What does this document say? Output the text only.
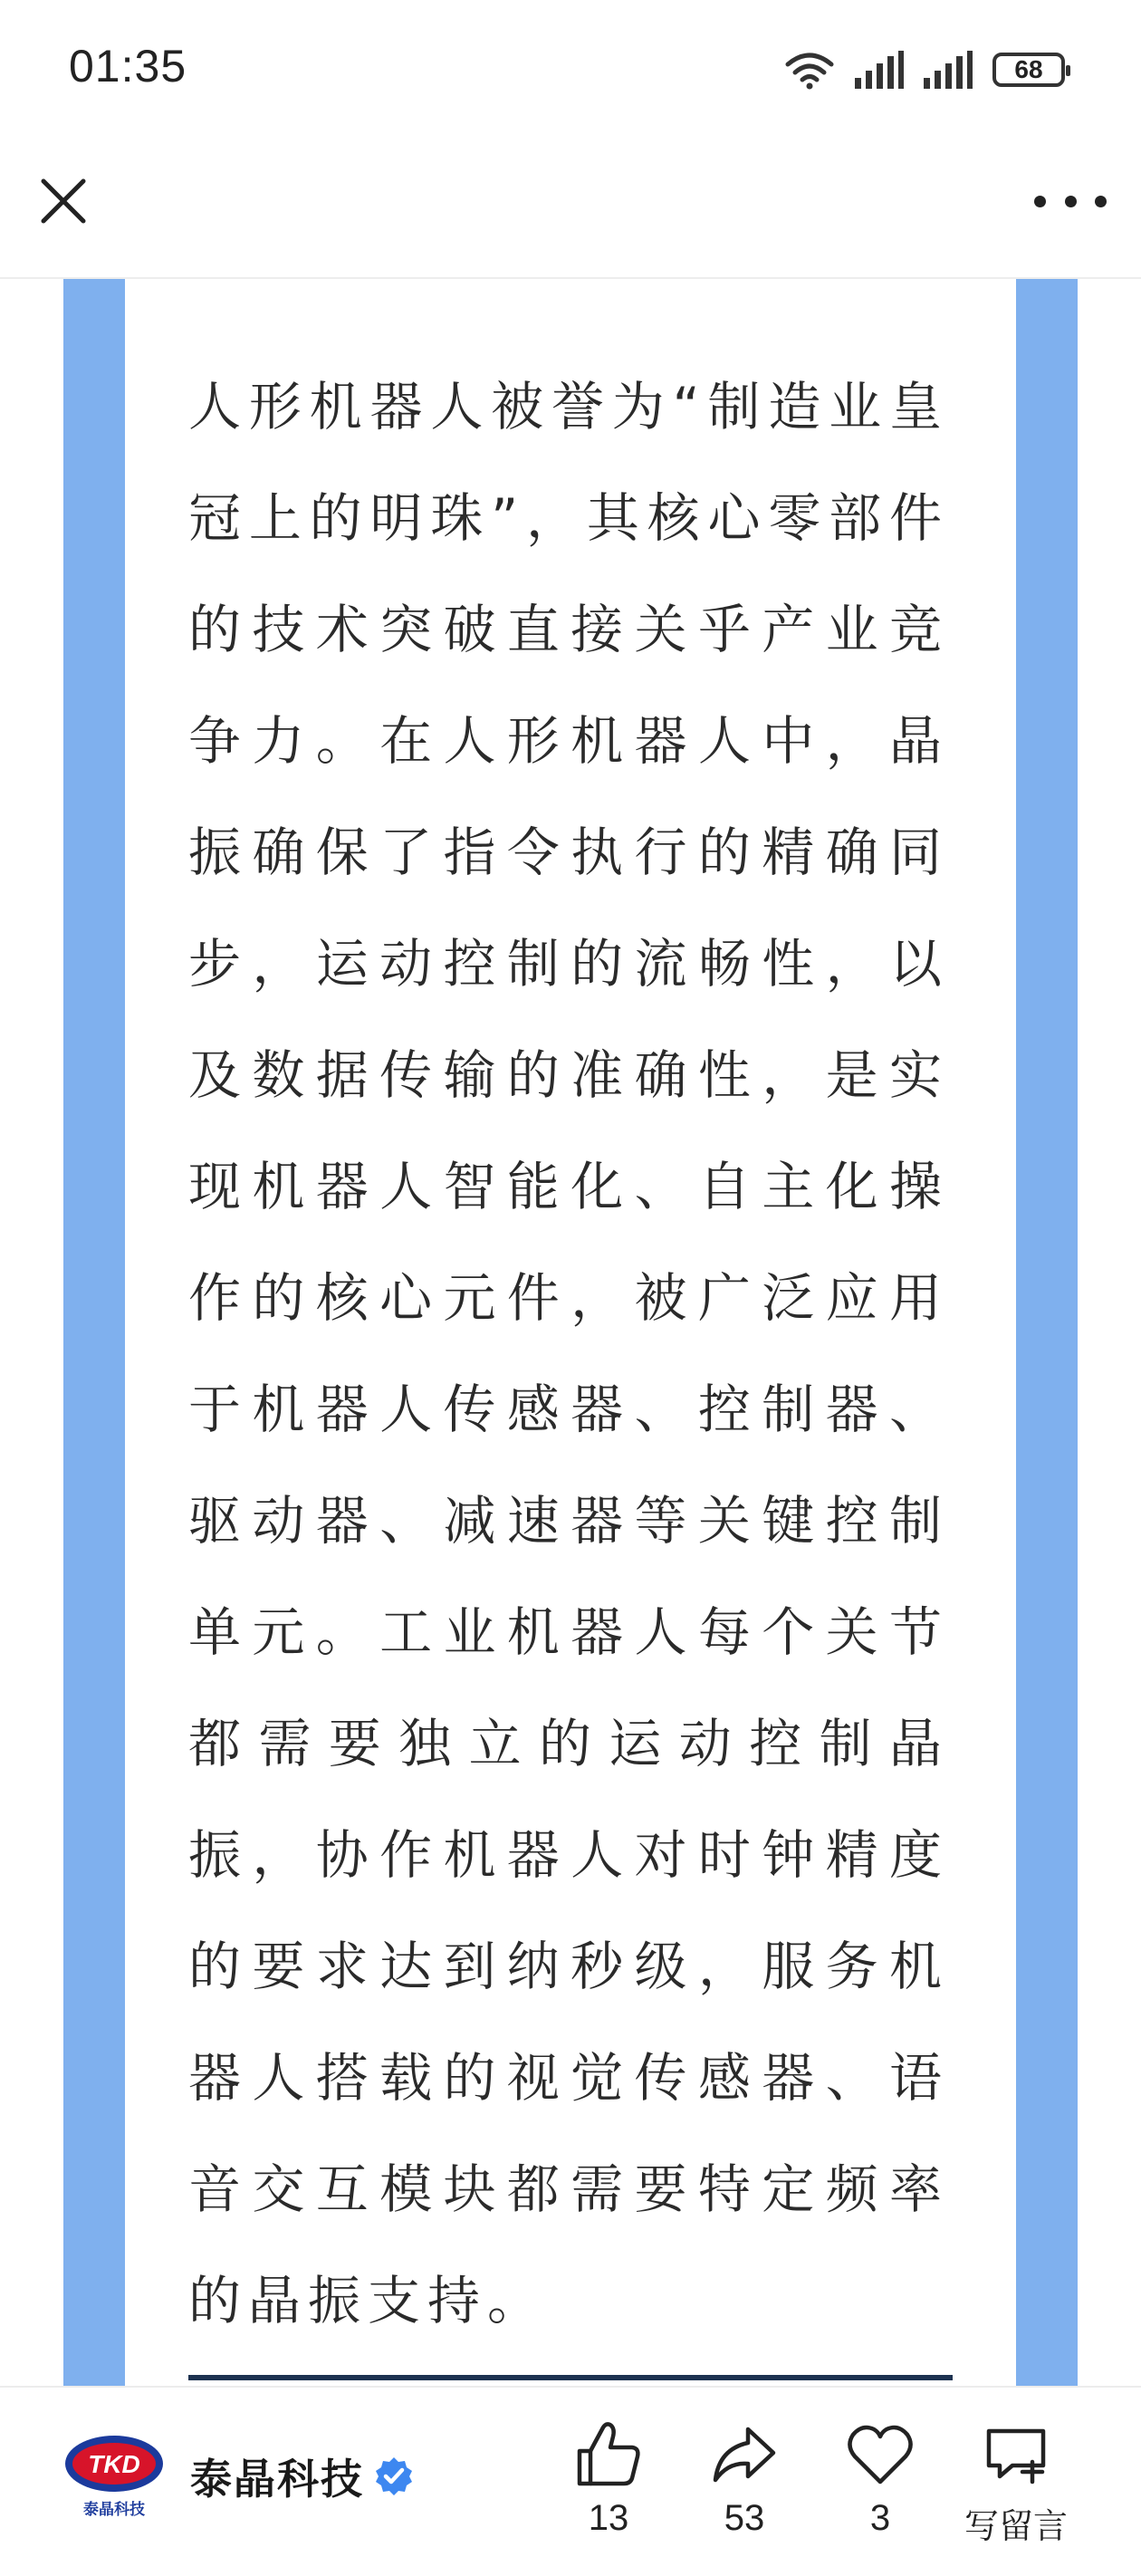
01:35	68
人形机器人被誉为“制造业皇冠上的明珠”，其核心零部件的技术突破直接关乎产业竞争力。在人形机器人中，晶振确保了指令执行的精确同步，运动控制的流畅性，以及数据传输的准确性，是实现机器人智能化、自主化操作的核心元件，被广泛应用于机器人传感器、控制器、驱动器、减速器等关键控制单元。工业机器人每个关节都需要独立的运动控制晶振，协作机器人对时钟精度的要求达到纳秒级，服务机器人搭载的视觉传感器、语音交互模块都需要特定频率的晶振支持。
TKD
泰晶科技
泰晶科技
13	53	3 写留言
